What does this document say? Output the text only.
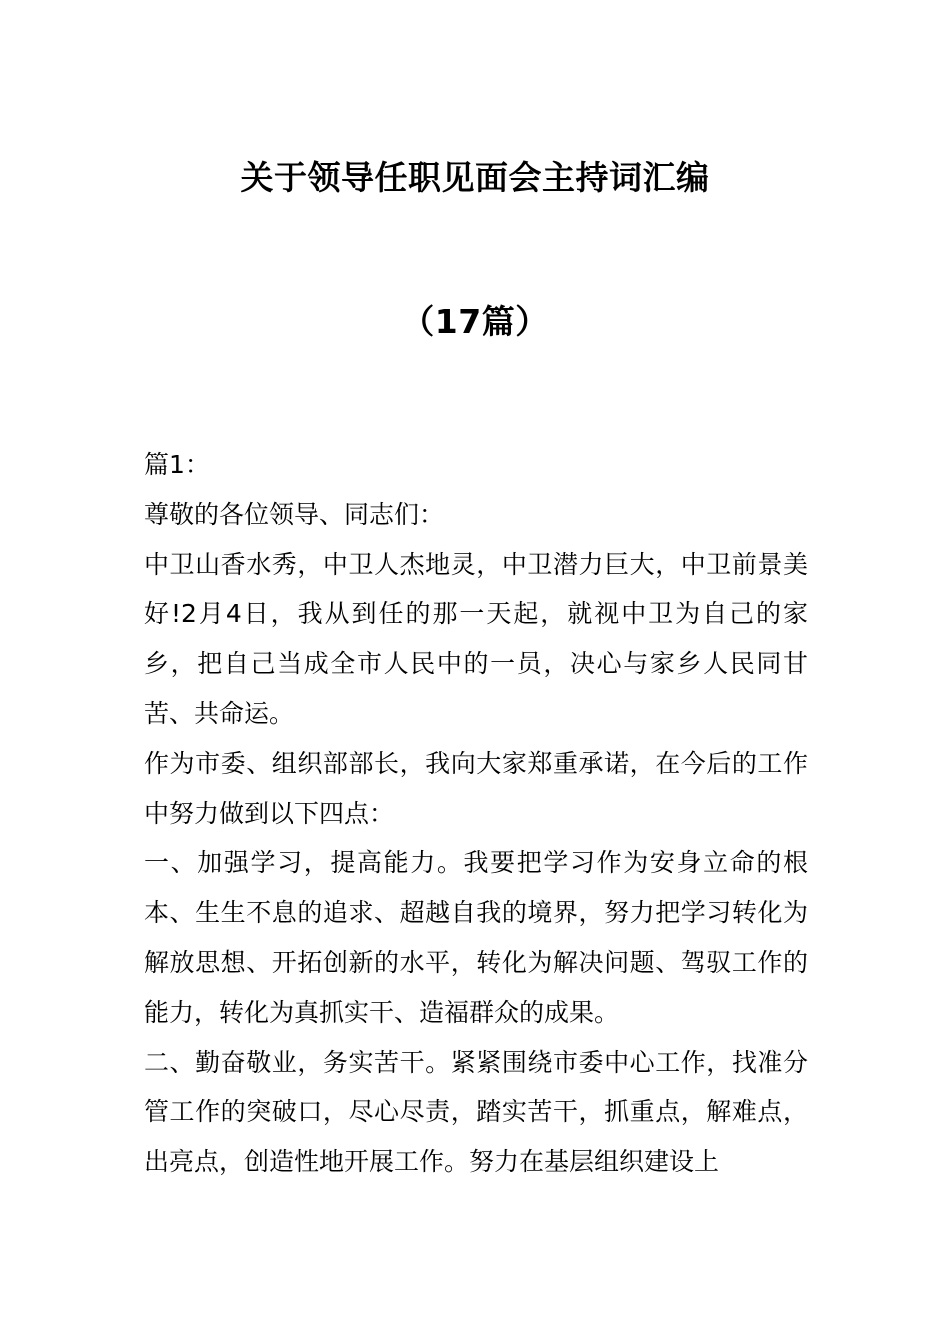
关于领导任职见面会主持词汇编
（17篇）

篇1：

尊敬的各位领导、同志们：

中卫山香水秀，中卫人杰地灵，中卫潜力巨大，中卫前景美好!2月4日，我从到任的那一天起，就视中卫为自己的家乡，把自己当成全市人民中的一员，决心与家乡人民同甘苦、共命运。

作为市委、组织部部长，我向大家郑重承诺，在今后的工作中努力做到以下四点：

一、加强学习，提高能力。我要把学习作为安身立命的根本、生生不息的追求、超越自我的境界，努力把学习转化为解放思想、开拓创新的水平，转化为解决问题、驾驭工作的能力，转化为真抓实干、造福群众的成果。

二、勤奋敬业，务实苦干。紧紧围绕市委中心工作，找准分管工作的突破口，尽心尽责，踏实苦干，抓重点，解难点，出亮点，创造性地开展工作。努力在基层组织建设上
